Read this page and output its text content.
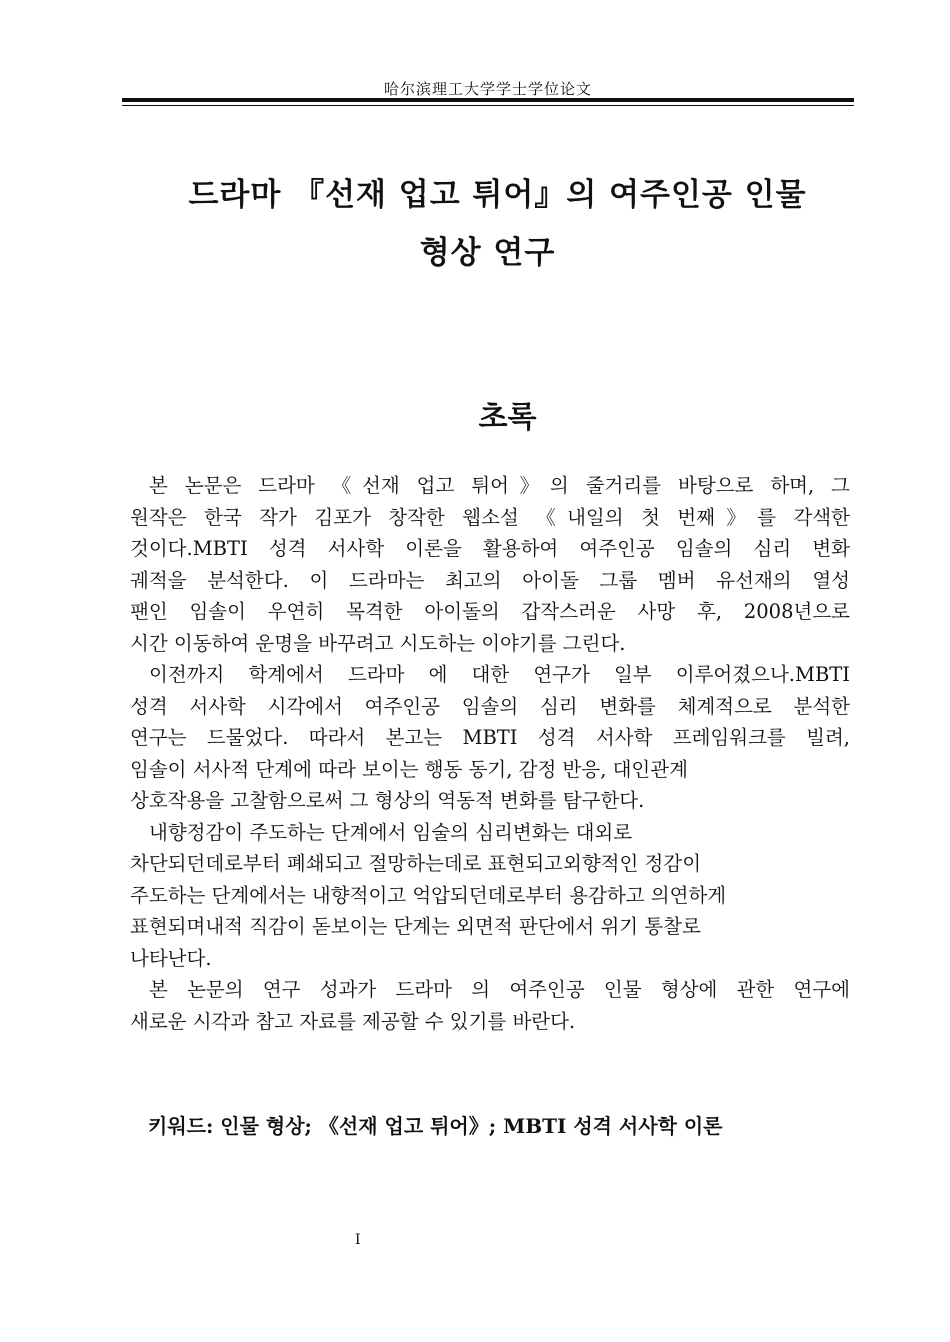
哈尔滨理工大学学士学位论文
드라마 『선재 업고 튀어』의 여주인공 인물
형상 연구
초록

본 논문은 드라마 《선재 업고 튀어》의 줄거리를 바탕으로 하며, 그
원작은 한국 작가 김포가 창작한 웹소설 《내일의 첫 번째》를 각색한
것이다.MBTI 성격 서사학 이론을 활용하여 여주인공 임솔의 심리 변화
궤적을 분석한다. 이 드라마는 최고의 아이돌 그룹 멤버 유선재의 열성
팬인 임솔이 우연히 목격한 아이돌의 갑작스러운 사망 후, 2008년으로
시간 이동하여 운명을 바꾸려고 시도하는 이야기를 그린다.

이전까지 학계에서 드라마 에 대한 연구가 일부 이루어졌으나.MBTI
성격 서사학 시각에서 여주인공 임솔의 심리 변화를 체계적으로 분석한
연구는 드물었다. 따라서 본고는 MBTI 성격 서사학 프레임워크를 빌려,
임솔이 서사적 단계에 따라 보이는 행동 동기, 감정 반응, 대인관계
상호작용을 고찰함으로써 그 형상의 역동적 변화를 탐구한다.

내향정감이 주도하는 단계에서 임술의 심리변화는 대외로
차단되던데로부터 폐쇄되고 절망하는데로 표현되고외향적인 정감이
주도하는 단계에서는 내향적이고 억압되던데로부터 용감하고 의연하게
표현되며내적 직감이 돋보이는 단계는 외면적 판단에서 위기 통찰로
나타난다.

본 논문의 연구 성과가 드라마 의 여주인공 인물 형상에 관한 연구에
새로운 시각과 참고 자료를 제공할 수 있기를 바란다.

키워드: 인물 형상; 《선재 업고 튀어》; MBTI 성격 서사학 이론
I
